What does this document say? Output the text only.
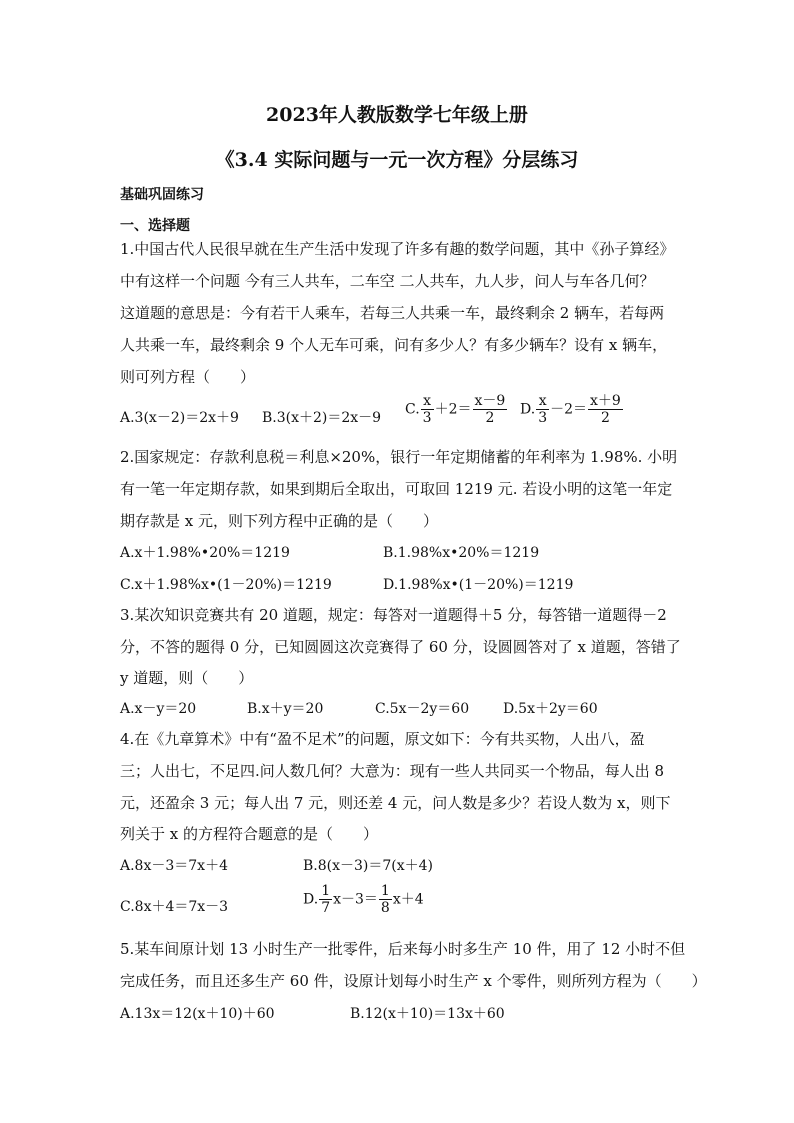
2023年人教版数学七年级上册
《3.4 实际问题与一元一次方程》分层练习
基础巩固练习
一、选择题
1.中国古代人民很早就在生产生活中发现了许多有趣的数学问题，其中《孙子算经》
中有这样一个问题 今有三人共车，二车空 二人共车，九人步，问人与车各几何？
这道题的意思是：今有若干人乘车，若每三人共乘一车，最终剩余 2 辆车，若每两
人共乘一车，最终剩余 9 个人无车可乘，问有多少人？有多少辆车？设有 x 辆车，
则可列方程（　　）
A.3(x－2)＝2x＋9 B.3(x＋2)＝2x－9
C. $\frac{x}{3} +2= \frac{x-9}{2} D$. $\frac{x}{3} -2= \frac{x+9}{2}$
2.国家规定：存款利息税＝利息×20%，银行一年定期储蓄的年利率为 1.98%. 小明
有一笔一年定期存款，如果到期后全取出，可取回 1219 元. 若设小明的这笔一年定
期存款是 x 元，则下列方程中正确的是（　　）
A.x＋1.98%•20%＝1219	B.1.98%x•20%＝1219
C.x＋1.98%x•(1－20%)＝1219	D.1.98%x•(1－20%)＝1219
3.某次知识竞赛共有 20 道题，规定：每答对一道题得＋5 分，每答错一道题得－2
分，不答的题得 0 分，已知圆圆这次竞赛得了 60 分，设圆圆答对了 x 道题，答错了
y 道题，则（　　）
A.x－y＝20	B.x＋y＝20	C.5x－2y＝60 D.5x＋2y＝60
4.在《九章算术》中有“盈不足术”的问题，原文如下：今有共买物，人出八，盈
三；人出七，不足四.问人数几何？大意为：现有一些人共同买一个物品，每人出 8
元，还盈余 3 元；每人出 7 元，则还差 4 元，问人数是多少？若设人数为 x，则下
列关于 x 的方程符合题意的是（　　）
A.8x－3＝7x＋4	B.8(x－3)＝7(x＋4)
C.8x＋4＝7x－3	D. $\frac{1}{7} x-3= \frac{1}{8} x+4$
5.某车间原计划 13 小时生产一批零件，后来每小时多生产 10 件，用了 12 小时不但
完成任务，而且还多生产 60 件，设原计划每小时生产 x 个零件，则所列方程为（　　）
A.13x＝12(x＋10)＋60	B.12(x＋10)＝13x＋60
